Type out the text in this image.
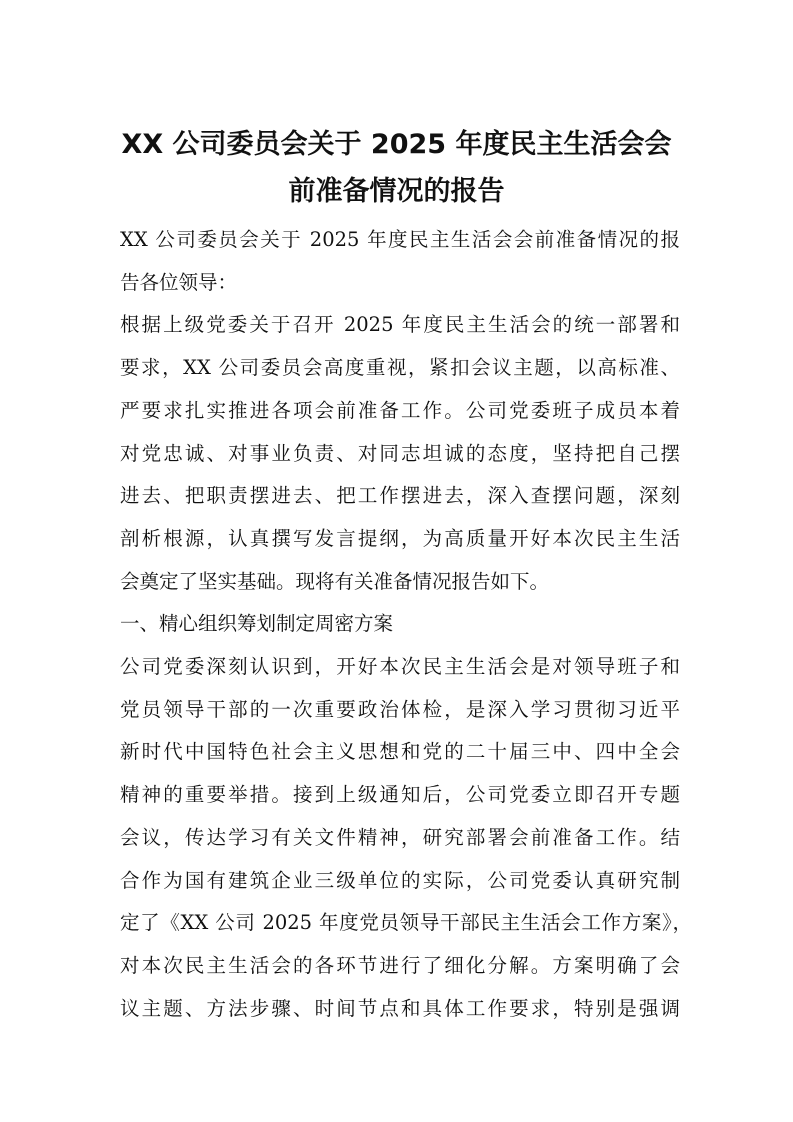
XX 公司委员会关于 2025 年度民主生活会会
前准备情况的报告
XX 公司委员会关于 2025 年度民主生活会会前准备情况的报
告各位领导：
根据上级党委关于召开 2025 年度民主生活会的统一部署和
要求，XX 公司委员会高度重视，紧扣会议主题，以高标准、
严要求扎实推进各项会前准备工作。公司党委班子成员本着
对党忠诚、对事业负责、对同志坦诚的态度，坚持把自己摆
进去、把职责摆进去、把工作摆进去，深入查摆问题，深刻
剖析根源，认真撰写发言提纲，为高质量开好本次民主生活
会奠定了坚实基础。现将有关准备情况报告如下。
一、精心组织筹划制定周密方案
公司党委深刻认识到，开好本次民主生活会是对领导班子和
党员领导干部的一次重要政治体检，是深入学习贯彻习近平
新时代中国特色社会主义思想和党的二十届三中、四中全会
精神的重要举措。接到上级通知后，公司党委立即召开专题
会议，传达学习有关文件精神，研究部署会前准备工作。结
合作为国有建筑企业三级单位的实际，公司党委认真研究制
定了《XX 公司 2025 年度党员领导干部民主生活会工作方案》，
对本次民主生活会的各环节进行了细化分解。方案明确了会
议主题、方法步骤、时间节点和具体工作要求，特别是强调
